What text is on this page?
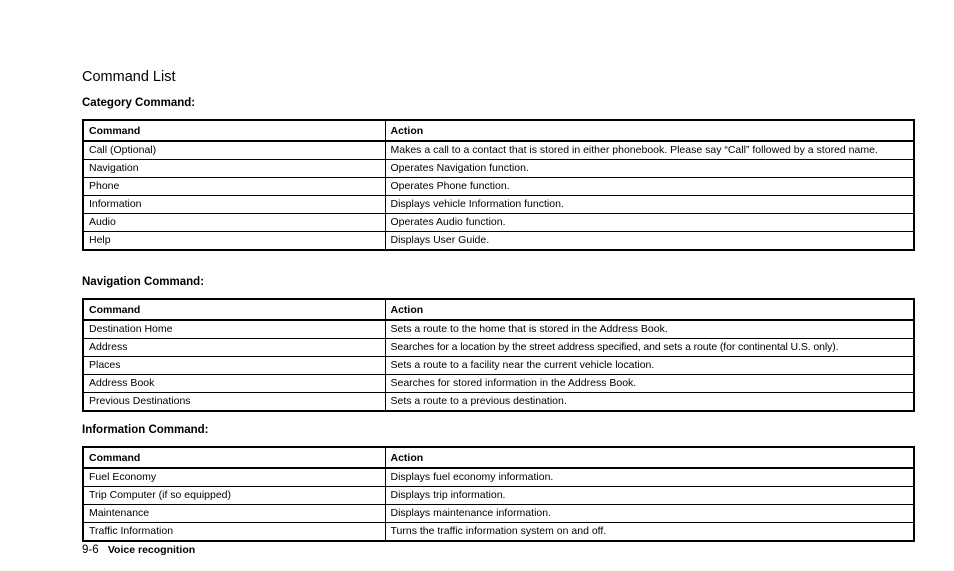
Command List
Category Command:
Command	Action
Call (Optional)	Makes a call to a contact that is stored in either phonebook. Please say “Call” followed by a stored name.
Navigation	Operates Navigation function.
Phone	Operates Phone function.
Information	Displays vehicle Information function.
Audio	Operates Audio function.
Help	Displays User Guide.
Navigation Command:
Command	Action
Destination Home	Sets a route to the home that is stored in the Address Book.
Address	Searches for a location by the street address specified, and sets a route (for continental U.S. only).
Places	Sets a route to a facility near the current vehicle location.
Address Book	Searches for stored information in the Address Book.
Previous Destinations	Sets a route to a previous destination.
Information Command:
Command	Action
Fuel Economy	Displays fuel economy information.
Trip Computer (if so equipped)	Displays trip information.
Maintenance	Displays maintenance information.
Traffic Information	Turns the traffic information system on and off.
9-6 Voice recognition
